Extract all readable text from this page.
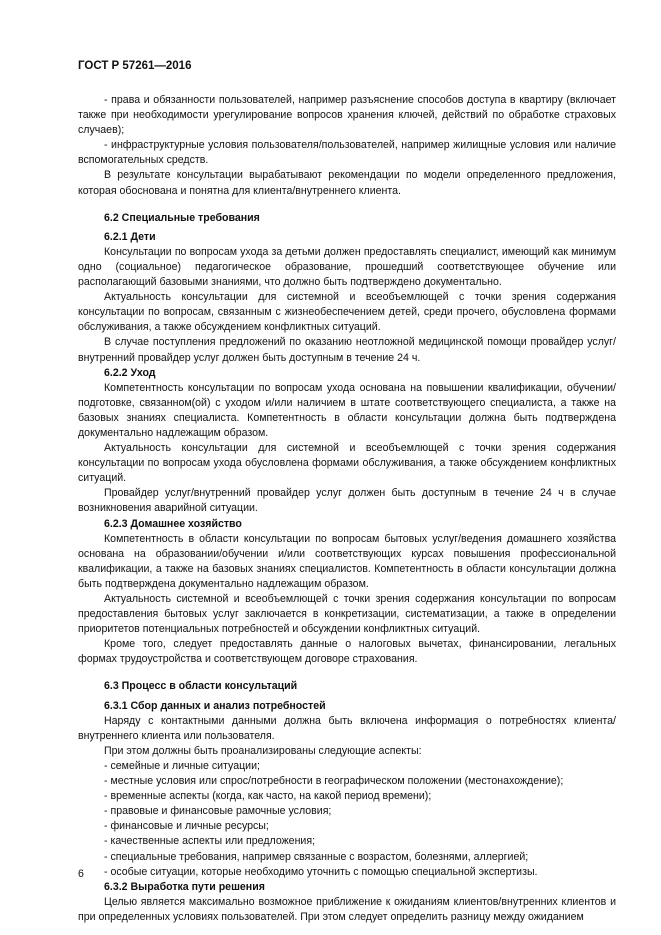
ГОСТ Р 57261—2016

- права и обязанности пользователей, например разъяснение способов доступа в квартиру (включает также при необходимости урегулирование вопросов хранения ключей, действий по обработке страховых случаев);

- инфраструктурные условия пользователя/пользователей, например жилищные условия или наличие вспомогательных средств.

В результате консультации вырабатывают рекомендации по модели определенного предложения, которая обоснована и понятна для клиента/внутреннего клиента.

6.2 Специальные требования
6.2.1 Дети

Консультации по вопросам ухода за детьми должен предоставлять специалист, имеющий как минимум одно (социальное) педагогическое образование, прошедший соответствующее обучение или располагающий базовыми знаниями, что должно быть подтверждено документально.

Актуальность консультации для системной и всеобъемлющей с точки зрения содержания консультации по вопросам, связанным с жизнеобеспечением детей, среди прочего, обусловлена формами обслуживания, а также обсуждением конфликтных ситуаций.

В случае поступления предложений по оказанию неотложной медицинской помощи провайдер услуг/внутренний провайдер услуг должен быть доступным в течение 24 ч.

6.2.2 Уход

Компетентность консультации по вопросам ухода основана на повышении квалификации, обучении/подготовке, связанном(ой) с уходом и/или наличием в штате соответствующего специалиста, а также на базовых знаниях специалиста. Компетентность в области консультации должна быть подтверждена документально надлежащим образом.

Актуальность консультации для системной и всеобъемлющей с точки зрения содержания консультации по вопросам ухода обусловлена формами обслуживания, а также обсуждением конфликтных ситуаций.

Провайдер услуг/внутренний провайдер услуг должен быть доступным в течение 24 ч в случае возникновения аварийной ситуации.

6.2.3 Домашнее хозяйство

Компетентность в области консультации по вопросам бытовых услуг/ведения домашнего хозяйства основана на образовании/обучении и/или соответствующих курсах повышения профессиональной квалификации, а также на базовых знаниях специалистов. Компетентность в области консультации должна быть подтверждена документально надлежащим образом.

Актуальность системной и всеобъемлющей с точки зрения содержания консультации по вопросам предоставления бытовых услуг заключается в конкретизации, систематизации, а также в определении приоритетов потенциальных потребностей и обсуждении конфликтных ситуаций.

Кроме того, следует предоставлять данные о налоговых вычетах, финансировании, легальных формах трудоустройства и соответствующем договоре страхования.

6.3 Процесс в области консультаций
6.3.1 Сбор данных и анализ потребностей

Наряду с контактными данными должна быть включена информация о потребностях клиента/внутреннего клиента или пользователя.

При этом должны быть проанализированы следующие аспекты:

- семейные и личные ситуации;

- местные условия или спрос/потребности в географическом положении (местонахождение);

- временные аспекты (когда, как часто, на какой период времени);

- правовые и финансовые рамочные условия;

- финансовые и личные ресурсы;

- качественные аспекты или предложения;

- специальные требования, например связанные с возрастом, болезнями, аллергией;

- особые ситуации, которые необходимо уточнить с помощью специальной экспертизы.

6.3.2 Выработка пути решения

Целью является максимально возможное приближение к ожиданиям клиентов/внутренних клиентов и при определенных условиях пользователей. При этом следует определить разницу между ожиданием

6
